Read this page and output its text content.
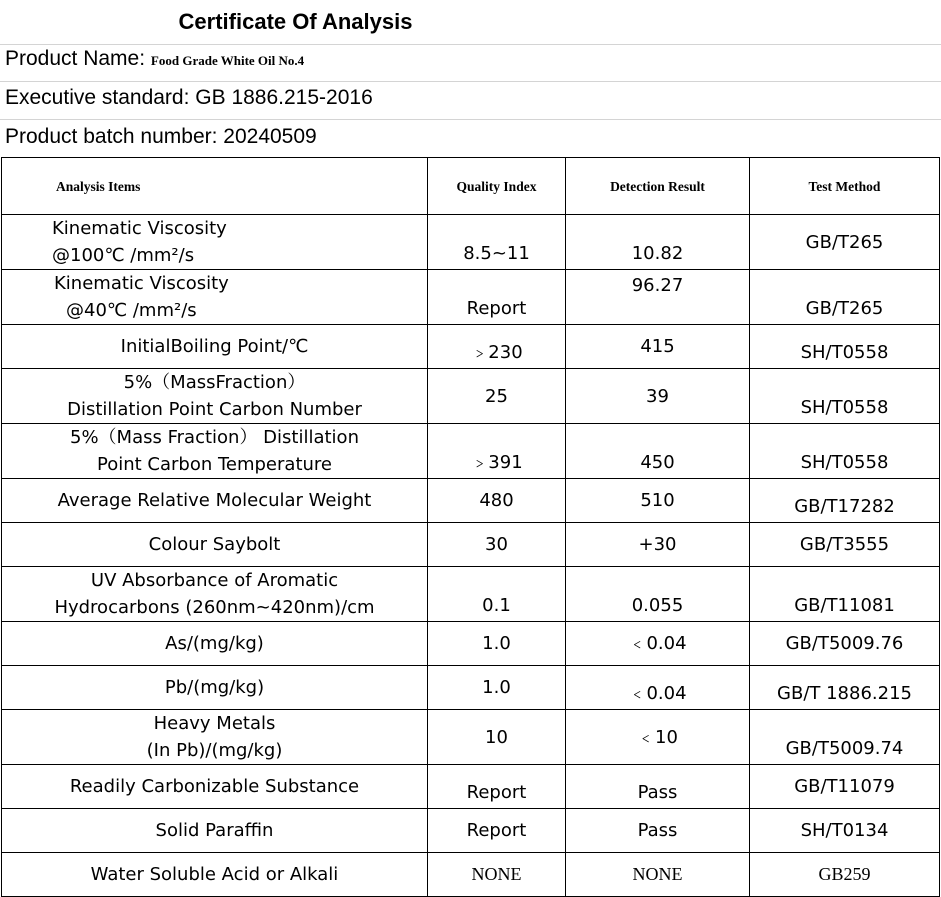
Certificate Of Analysis
Product Name: Food Grade White Oil No.4
Executive standard: GB 1886.215-2016
Product batch number: 20240509
Analysis Items	Quality Index	Detection Result	Test Method

Kinematic Viscosity
@100℃ /mm²/s	8.5~11	10.82	GB/T265

Kinematic Viscosity
@40℃ /mm²/s	Report	96.27	GB/T265
InitialBoiling Point/℃	﹥230	415	SH/T0558

5%（MassFraction）
Distillation Point Carbon Number	25	39	SH/T0558

5%（Mass Fraction） Distillation
Point Carbon Temperature	﹥391	450	SH/T0558
Average Relative Molecular Weight	480	510	GB/T17282
Colour Saybolt	30	+30	GB/T3555

UV Absorbance of Aromatic
Hydrocarbons (260nm~420nm)/cm	0.1	0.055	GB/T11081
As/(mg/kg)	1.0	﹤0.04	GB/T5009.76
Pb/(mg/kg)	1.0	﹤0.04	GB/T 1886.215

Heavy Metals
(In Pb)/(mg/kg)	10	﹤10	GB/T5009.74
Readily Carbonizable Substance	Report	Pass	GB/T11079
Solid Paraffin	Report	Pass	SH/T0134
Water Soluble Acid or Alkali	NONE	NONE	GB259
